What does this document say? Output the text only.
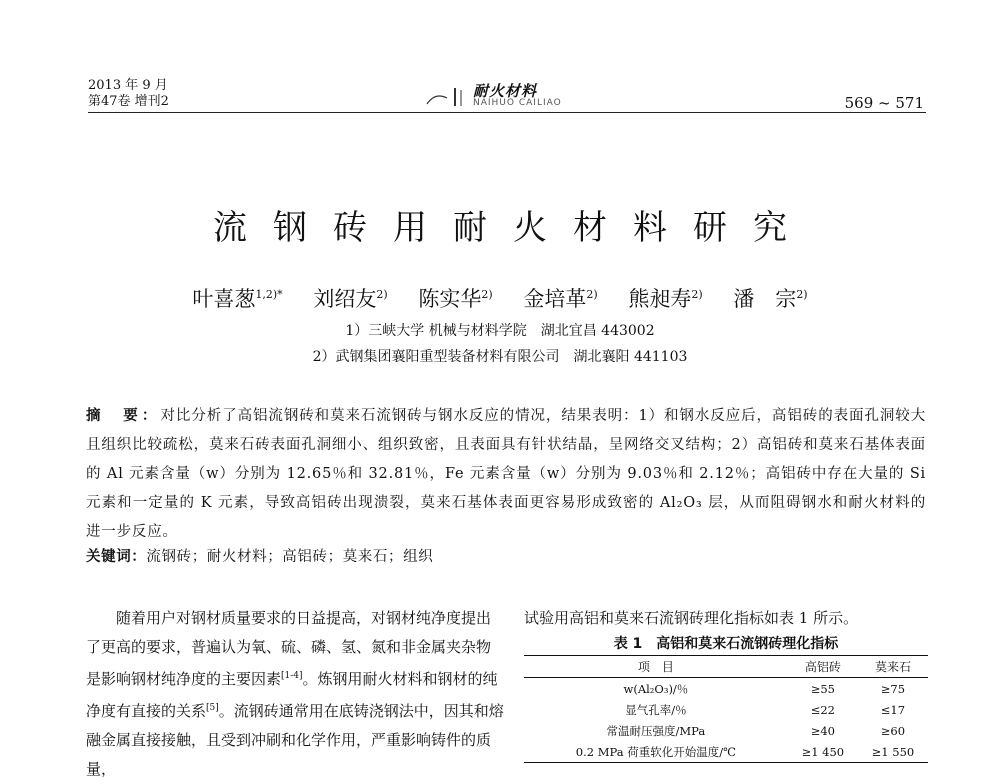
2013 年 9 月
第47卷 增刊2
耐火材料
NAIHUO CAILIAO	569 ~ 571
流钢砖用耐火材料研究
叶喜葱$^{1,2)*}$ 刘绍友$^{2)}$ 陈实华$^{2)}$ 金培革$^{2)}$ 熊昶寿$^{2)}$ 潘　宗$^{2)}$
1）三峡大学 机械与材料学院　湖北宜昌 443002
2）武钢集团襄阳重型装备材料有限公司　湖北襄阳 441103
摘　要：对比分析了高铝流钢砖和莫来石流钢砖与钢水反应的情况，结果表明：1）和钢水反应后，高铝砖的表面孔洞较大且组织比较疏松，莫来石砖表面孔洞细小、组织致密，且表面具有针状结晶，呈网络交叉结构；2）高铝砖和莫来石基体表面的 Al 元素含量（w）分别为 12.65％和 32.81％，Fe 元素含量（w）分别为 9.03％和 2.12％；高铝砖中存在大量的 Si 元素和一定量的 K 元素，导致高铝砖出现溃裂，莫来石基体表面更容易形成致密的 Al₂O₃ 层，从而阻碍钢水和耐火材料的进一步反应。
关键词：流钢砖；耐火材料；高铝砖；莫来石；组织

随着用户对钢材质量要求的日益提高，对钢材纯净度提出了更高的要求，普遍认为氧、硫、磷、氢、氮和非金属夹杂物是影响钢材纯净度的主要因素[1-4]。炼钢用耐火材料和钢材的纯净度有直接的关系[5]。流钢砖通常用在底铸浇钢法中，因其和熔融金属直接接触，且受到冲刷和化学作用，严重影响铸件的质量，

试验用高铝和莫来石流钢砖理化指标如表 1 所示。
表 1　高铝和莫来石流钢砖理化指标
项　目	高铝砖	莫来石
w(Al₂O₃)/％	≥55	≥75
显气孔率/％	≤22	≤17
常温耐压强度/MPa	≥40	≥60
0.2 MPa 荷重软化开始温度/℃	≥1 450	≥1 550
